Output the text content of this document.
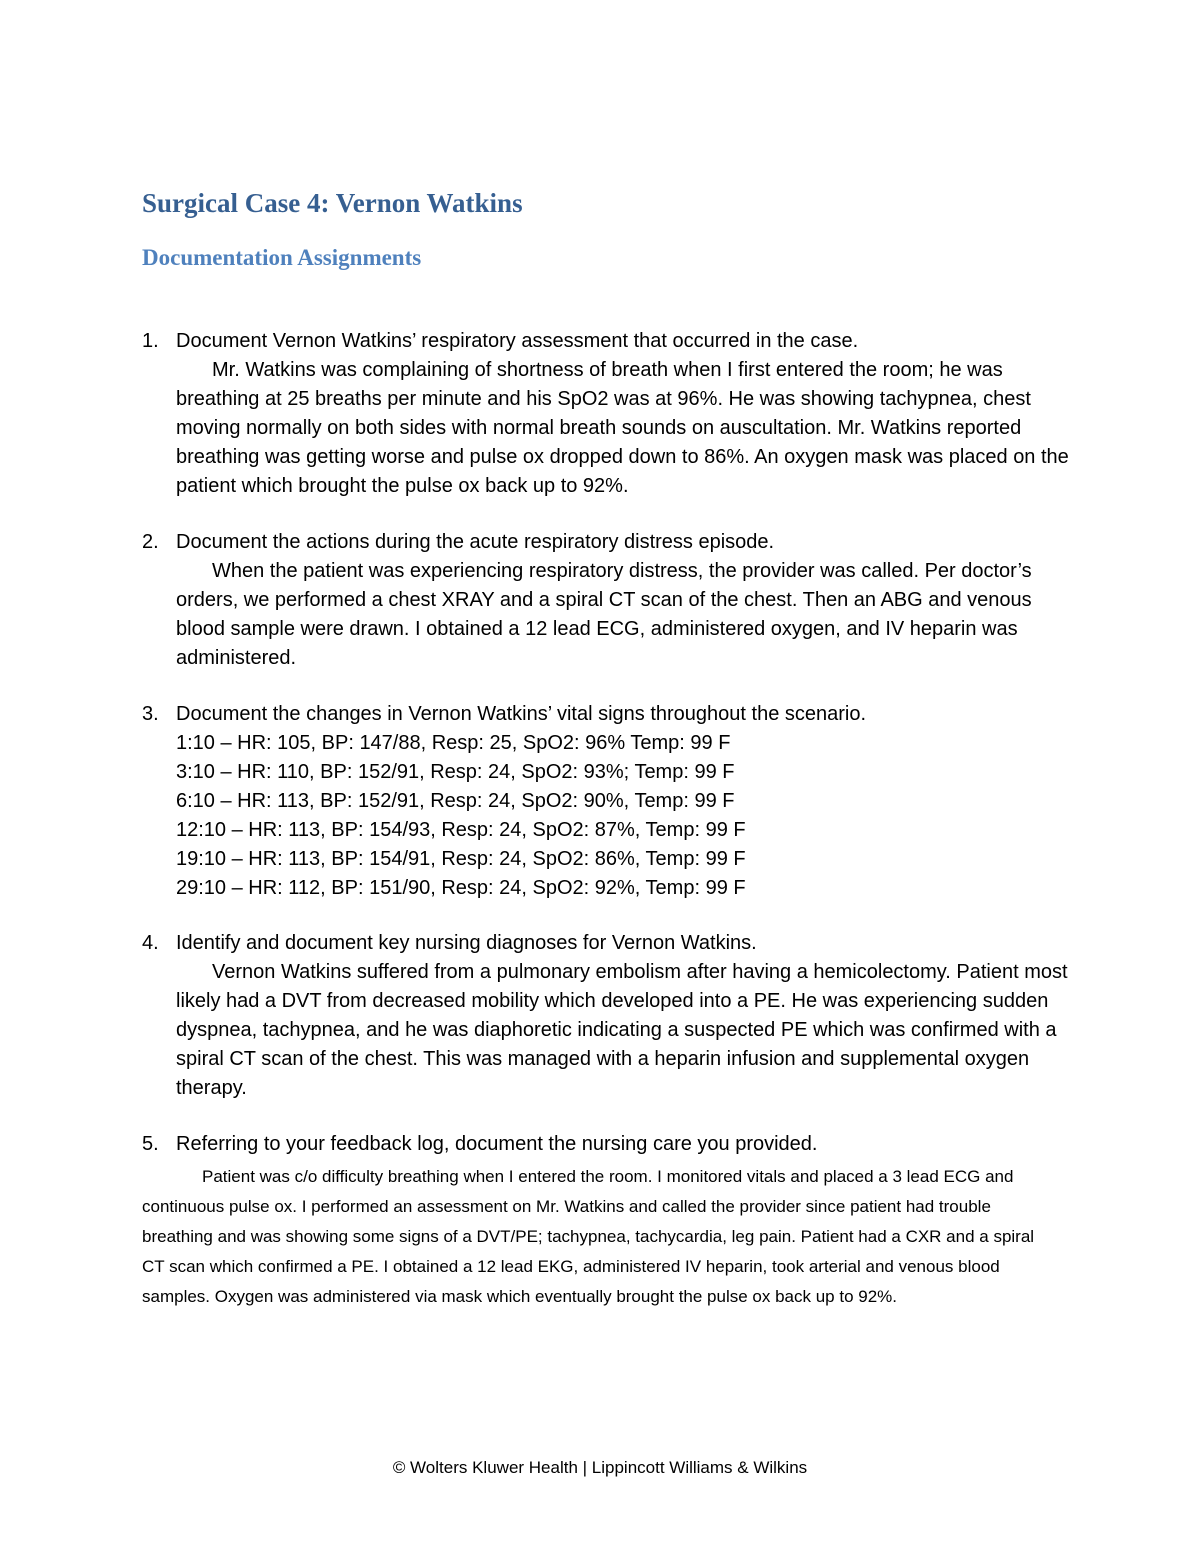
Surgical Case 4: Vernon Watkins
Documentation Assignments
1. Document Vernon Watkins’ respiratory assessment that occurred in the case.
Mr. Watkins was complaining of shortness of breath when I first entered the room; he was breathing at 25 breaths per minute and his SpO2 was at 96%. He was showing tachypnea, chest moving normally on both sides with normal breath sounds on auscultation. Mr. Watkins reported breathing was getting worse and pulse ox dropped down to 86%. An oxygen mask was placed on the patient which brought the pulse ox back up to 92%.
2. Document the actions during the acute respiratory distress episode.
When the patient was experiencing respiratory distress, the provider was called. Per doctor’s orders, we performed a chest XRAY and a spiral CT scan of the chest. Then an ABG and venous blood sample were drawn. I obtained a 12 lead ECG, administered oxygen, and IV heparin was administered.
3. Document the changes in Vernon Watkins’ vital signs throughout the scenario.
1:10 – HR: 105, BP: 147/88, Resp: 25, SpO2: 96% Temp: 99 F
3:10 – HR: 110, BP: 152/91, Resp: 24, SpO2: 93%; Temp: 99 F
6:10 – HR: 113, BP: 152/91, Resp: 24, SpO2: 90%, Temp: 99 F
12:10 – HR: 113, BP: 154/93, Resp: 24, SpO2: 87%, Temp: 99 F
19:10 – HR: 113, BP: 154/91, Resp: 24, SpO2: 86%, Temp: 99 F
29:10 – HR: 112, BP: 151/90, Resp: 24, SpO2: 92%, Temp: 99 F
4. Identify and document key nursing diagnoses for Vernon Watkins.
Vernon Watkins suffered from a pulmonary embolism after having a hemicolectomy. Patient most likely had a DVT from decreased mobility which developed into a PE. He was experiencing sudden dyspnea, tachypnea, and he was diaphoretic indicating a suspected PE which was confirmed with a spiral CT scan of the chest. This was managed with a heparin infusion and supplemental oxygen therapy.
5. Referring to your feedback log, document the nursing care you provided.
Patient was c/o difficulty breathing when I entered the room. I monitored vitals and placed a 3 lead ECG and continuous pulse ox. I performed an assessment on Mr. Watkins and called the provider since patient had trouble breathing and was showing some signs of a DVT/PE; tachypnea, tachycardia, leg pain. Patient had a CXR and a spiral CT scan which confirmed a PE. I obtained a 12 lead EKG, administered IV heparin, took arterial and venous blood samples. Oxygen was administered via mask which eventually brought the pulse ox back up to 92%.
© Wolters Kluwer Health | Lippincott Williams & Wilkins
